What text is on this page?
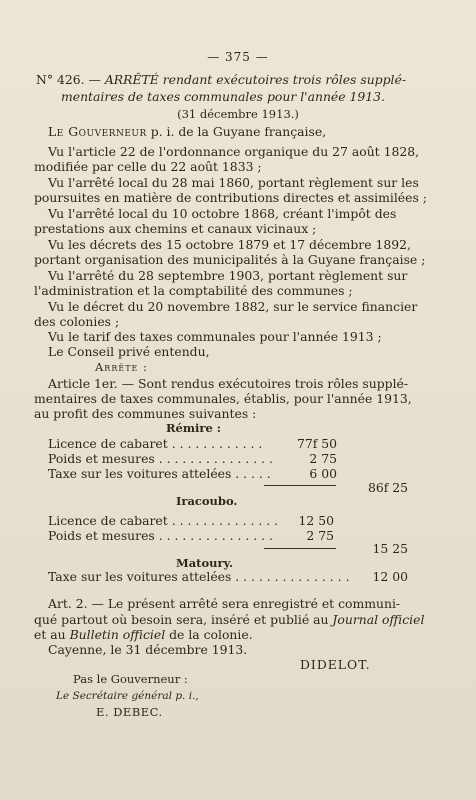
— 375 —
N° 426. — ARRÊTÉ rendant exécutoires trois rôles supplé-
mentaires de taxes communales pour l'année 1913.
(31 décembre 1913.)
Le Gouverneur p. i. de la Guyane française,
Vu l'article 22 de l'ordonnance organique du 27 août 1828,
modifiée par celle du 22 août 1833 ;
Vu l'arrêté local du 28 mai 1860, portant règlement sur les
poursuites en matière de contributions directes et assimilées ;
Vu l'arrêté local du 10 octobre 1868, créant l'impôt des
prestations aux chemins et canaux vicinaux ;
Vu les décrets des 15 octobre 1879 et 17 décembre 1892,
portant organisation des municipalités à la Guyane française ;
Vu l'arrêté du 28 septembre 1903, portant règlement sur
l'administration et la comptabilité des communes ;
Vu le décret du 20 novembre 1882, sur le service financier
des colonies ;
Vu le tarif des taxes communales pour l'année 1913 ;
Le Conseil privé entendu,
Arrête :
Article 1er. — Sont rendus exécutoires trois rôles supplé-
mentaires de taxes communales, établis, pour l'année 1913,
au profit des communes suivantes :
Rémire :
Licence de cabaret . . . . . . . . . . . .	77f 50
Poids et mesures . . . . . . . . . . . . . . .	2 75
Taxe sur les voitures attelées . . . . .	6 00
86f 25
Iracoubo.
Licence de cabaret . . . . . . . . . . . . . . 12 50
Poids et mesures . . . . . . . . . . . . . . .	2 75
15 25
Matoury.
Taxe sur les voitures attelées . . . . . . . . . . . . . . . 12 00
Art. 2. — Le présent arrêté sera enregistré et communi-
qué partout où besoin sera, inséré et publié au Journal officiel
et au Bulletin officiel de la colonie.
Cayenne, le 31 décembre 1913.
DIDELOT.
Pas le Gouverneur :
Le Secrétaire général p. i.,
E. DEBEC.
